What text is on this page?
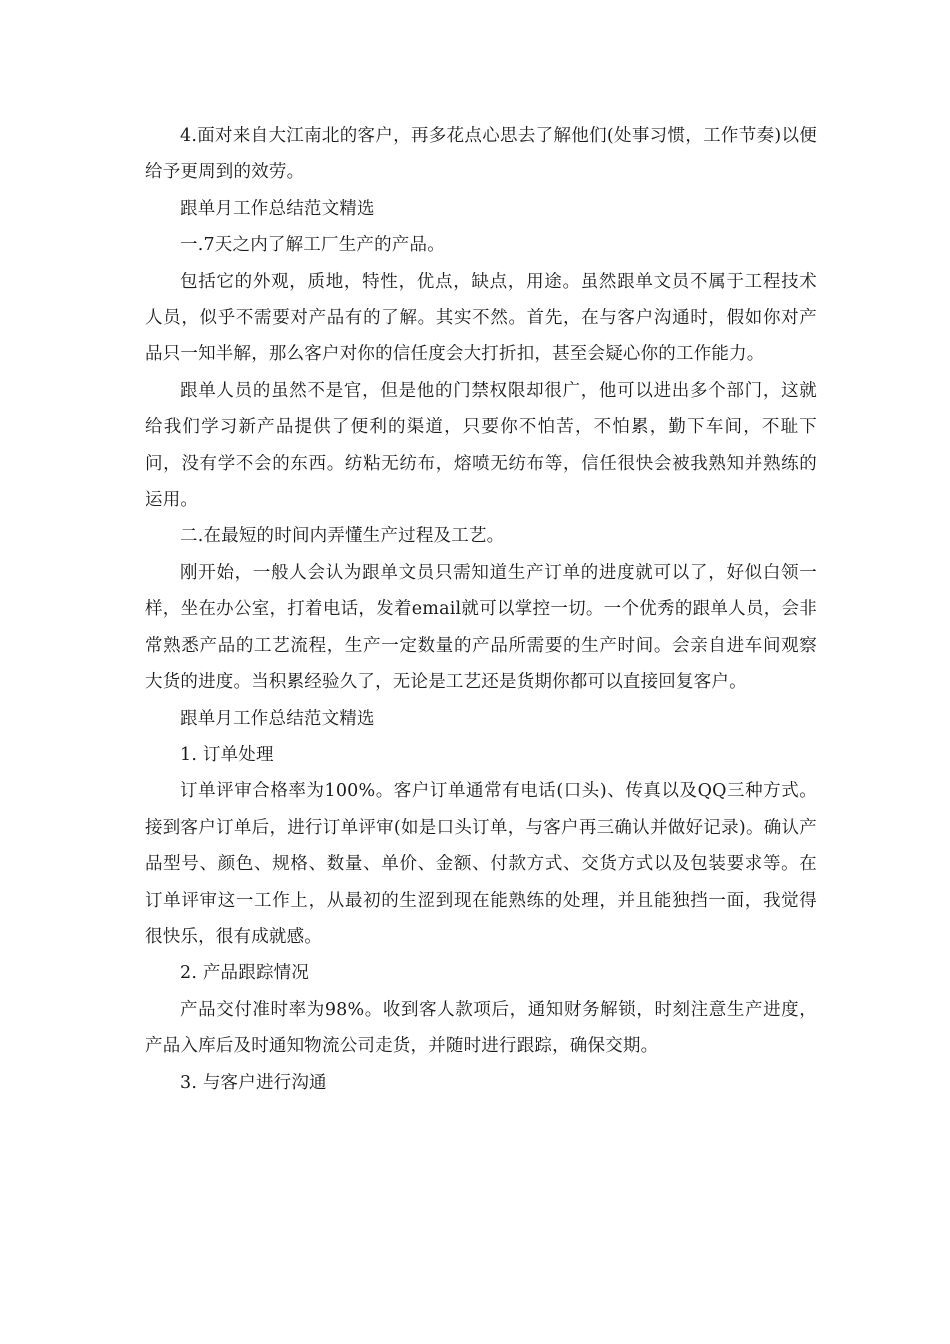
4.面对来自大江南北的客户，再多花点心思去了解他们(处事习惯，工作节奏)以便给予更周到的效劳。

跟单月工作总结范文精选

一.7天之内了解工厂生产的产品。

包括它的外观，质地，特性，优点，缺点，用途。虽然跟单文员不属于工程技术人员，似乎不需要对产品有的了解。其实不然。首先，在与客户沟通时，假如你对产品只一知半解，那么客户对你的信任度会大打折扣，甚至会疑心你的工作能力。

跟单人员的虽然不是官，但是他的门禁权限却很广，他可以进出多个部门，这就给我们学习新产品提供了便利的渠道，只要你不怕苦，不怕累，勤下车间，不耻下问，没有学不会的东西。纺粘无纺布，熔喷无纺布等，信任很快会被我熟知并熟练的运用。

二.在最短的时间内弄懂生产过程及工艺。

刚开始，一般人会认为跟单文员只需知道生产订单的进度就可以了，好似白领一样，坐在办公室，打着电话，发着email就可以掌控一切。一个优秀的跟单人员，会非常熟悉产品的工艺流程，生产一定数量的产品所需要的生产时间。会亲自进车间观察大货的进度。当积累经验久了，无论是工艺还是货期你都可以直接回复客户。

跟单月工作总结范文精选

1. 订单处理

订单评审合格率为100%。客户订单通常有电话(口头)、传真以及QQ三种方式。接到客户订单后，进行订单评审(如是口头订单，与客户再三确认并做好记录)。确认产品型号、颜色、规格、数量、单价、金额、付款方式、交货方式以及包装要求等。在订单评审这一工作上，从最初的生涩到现在能熟练的处理，并且能独挡一面，我觉得很快乐，很有成就感。

2. 产品跟踪情况

产品交付准时率为98%。收到客人款项后，通知财务解锁，时刻注意生产进度，产品入库后及时通知物流公司走货，并随时进行跟踪，确保交期。

3. 与客户进行沟通
